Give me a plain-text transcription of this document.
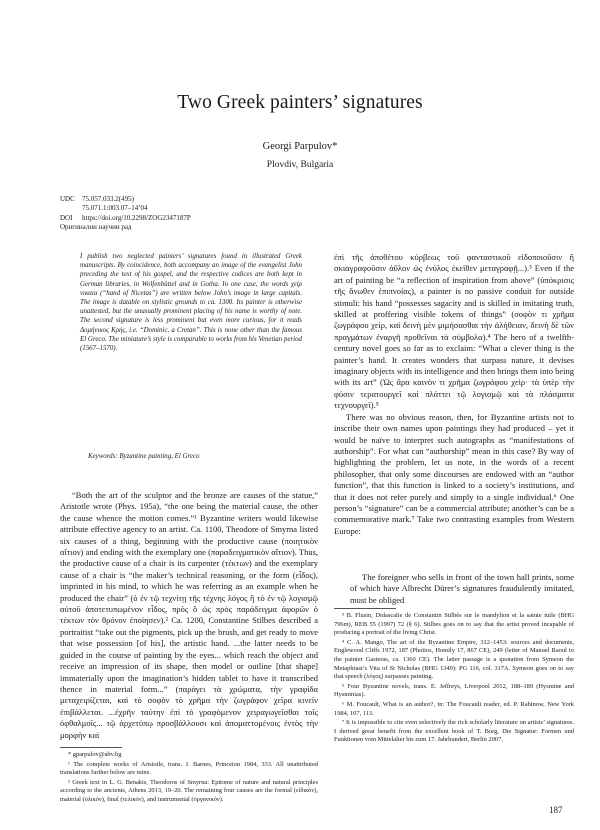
Two Greek painters’ signatures
Georgi Parpulov*
Plovdiv, Bulgaria
UDC 75.057.033.2(495)
75.071.1:003.07–14’04
DOI https://doi.org/10.2298/ZOG2347187P
Оригинални научни рад
I publish two neglected painters’ signatures found in illustrated Greek manuscripts. By coincidence, both accompany an image of the evangelist John preceding the text of his gospel, and the respective codices are both kept in German libraries, in Wolfenbüttel and in Gotha. In one case, the words χεὶρ νικαια (“hand of Nicetas”) are written below John’s image in large capitals. The image is datable on stylistic grounds to ca. 1300. Its painter is otherwise unattested, but the unusually prominent placing of his name is worthy of note. The second signature is less prominent but even more curious, for it reads Δομήνικος Κρής, i.e. “Dominic, a Cretan”. This is none other than the famous El Greco. The miniature’s style is comparable to works from his Venetian period (1567–1570).
Keywords: Byzantine painting, El Greco

“Both the art of the sculptor and the bronze are causes of the statue,” Aristotle wrote (Phys. 195a), “the one being the material cause, the other the cause whence the motion comes.”¹ Byzantine writers would likewise attribute effective agency to an artist. Ca. 1100, Theodore of Smyrna listed six causes of a thing, beginning with the productive cause (ποιητικὸν αἴτιον) and ending with the exemplary one (παραδειγματικὸν αἴτιον). Thus, the productive cause of a chair is its carpenter (τέκτων) and the exemplary cause of a chair is “the maker’s technical reasoning, or the form (εἶδος), imprinted in his mind, to which he was referring as an example when he produced the chair” (ὁ ἐν τῷ τεχνίτῃ τῆς τέχνης λόγος ἢ τὸ ἐν τῷ λογισμῷ αὐτοῦ ἀποτετυπωμένον εἶδος, πρὸς ὃ ὡς πρὸς παράδειγμα ἀφορῶν ὁ τέκτων τὸν θρόνον ἐποίησεν).² Ca. 1200, Constantine Stilbes described a portraitist “take out the pigments, pick up the brush, and get ready to move that wise possession [of his], the artistic hand. ...the latter needs to be guided in the course of painting by the eyes... which reach the object and receive an impression of its shape, then model or outline [that shape] immaterially upon the imagination’s hidden tablet to have it transcribed thence in material form...” (παράγει τὰ χρώματα, τὴν γραφίδα μεταχειρίζεται, καὶ τὸ σοφὸν τὸ χρῆμα τὴν ζωγράφον χεῖρα κινεῖν ἐπιβάλλεται. ...ἐχρῆν ταύτην ἐπὶ τὸ γραφόμενον χειραγωγεῖσθαι τοῖς ὀφθαλμοῖς... τῷ ἀρχετύπῳ προσβάλλουσι καὶ ἀποματτομένοις ἐντὸς τὴν μορφὴν καὶ

ἐπὶ τῆς ἀποθέτου κύρβεως τοῦ φανταστικοῦ εἰδοποιοῦσιν ἢ σκιαγραφοῦσιν ἀΰλον ὡς ἐνύλος ἐκεῖθεν μεταγραφῇ...).³ Even if the art of painting be “a reflection of inspiration from above” (ὑπόκρισις τῆς ἄνωθεν ἐπιπνοίας), a painter is no passive conduit for outside stimuli: his hand “possesses sagacity and is skilled in imitating truth, skilled at proffering visible tokens of things” (σοφὸν τι χρῆμα ζωγράφου χείρ, καὶ δεινὴ μὲν μιμήσασθαι τὴν ἀλήθειαν, δεινὴ δὲ τῶν πραγμάτων ἐναργῆ προθεῖναι τὰ σύμβολα).⁴ The hero of a twelfth-century novel goes so far as to exclaim: “What a clever thing is the painter’s hand. It creates wonders that surpass nature, it devises imaginary objects with its intelligence and then brings them into being with its art” (Ὡς ἄρα καινὸν τι χρῆμα ζωγράφου χεὶρ· τὰ ὑπὲρ τὴν φύσιν τερατουργεῖ καὶ πλάττει τῷ λογισμῷ καὶ τὰ πλάσματα τεχνουργεῖ).⁵

There was no obvious reason, then, for Byzantine artists not to inscribe their own names upon paintings they had produced – yet it would be naïve to interpret such autographs as “manifestations of authorship”. For what can “authorship” mean in this case? By way of highlighting the problem, let us note, in the words of a recent philosopher, that only some discourses are endowed with an “author function”, that this function is linked to a society’s institutions, and that it does not refer purely and simply to a single individual.⁶ One person’s “signature” can be a commercial attribute; another’s can be a commemorative mark.⁷ Take two contrasting examples from Western Europe:

The foreigner who sells in front of the town hall prints, some of which have Albrecht Dürer’s signatures fraudulently imitated, must be obliged

* gparpulov@abv.bg

¹ The complete works of Aristotle, trans. J. Barnes, Princeton 1984, 333. All unattributed translations further below are mine.

² Greek text in L. G. Benakis, Theodoros of Smyrna: Epitome of nature and natural principles according to the ancients, Athens 2013, 19–20. The remaining four causes are the formal (εἰδικόν), material (ὑλικόν), final (τελικόν), and instrumental (ὀργανικόν).

³ B. Flusin, Didascalie de Constantin Stilbès sur le mandylion et la sainte tuile (BHG 796m), REB 55 (1997) 72 (§ 6). Stilbes goes on to say that the artist proved incapable of producing a portrait of the living Christ.

⁴ C. A. Mango, The art of the Byzantine Empire, 312–1453: sources and documents, Englewood Cliffs 1972, 187 (Photios, Homily 17, 867 CE), 249 (letter of Manuel Raoul to the painter Gasteras, ca. 1360 CE). The latter passage is a quotation from Symeon the Metaphrast’s Vita of St Nicholas (BHG 1349): PG 116, col. 317A. Symeon goes on to say that speech (λόγος) surpasses painting.

⁵ Four Byzantine novels, trans. E. Jeffreys, Liverpool 2012, 188–189 (Hysmine and Hysminias).

⁶ M. Foucault, What is an author?, in: The Foucault reader, ed. P. Rabinow, New York 1984, 107, 113.

⁷ It is impossible to cite even selectively the rich scholarly literature on artists’ signatures. I derived great benefit from the excellent book of T. Burg, Die Signatur: Formen und Funktionen vom Mittelalter bis zum 17. Jahrhundert, Berlin 2007.

187
